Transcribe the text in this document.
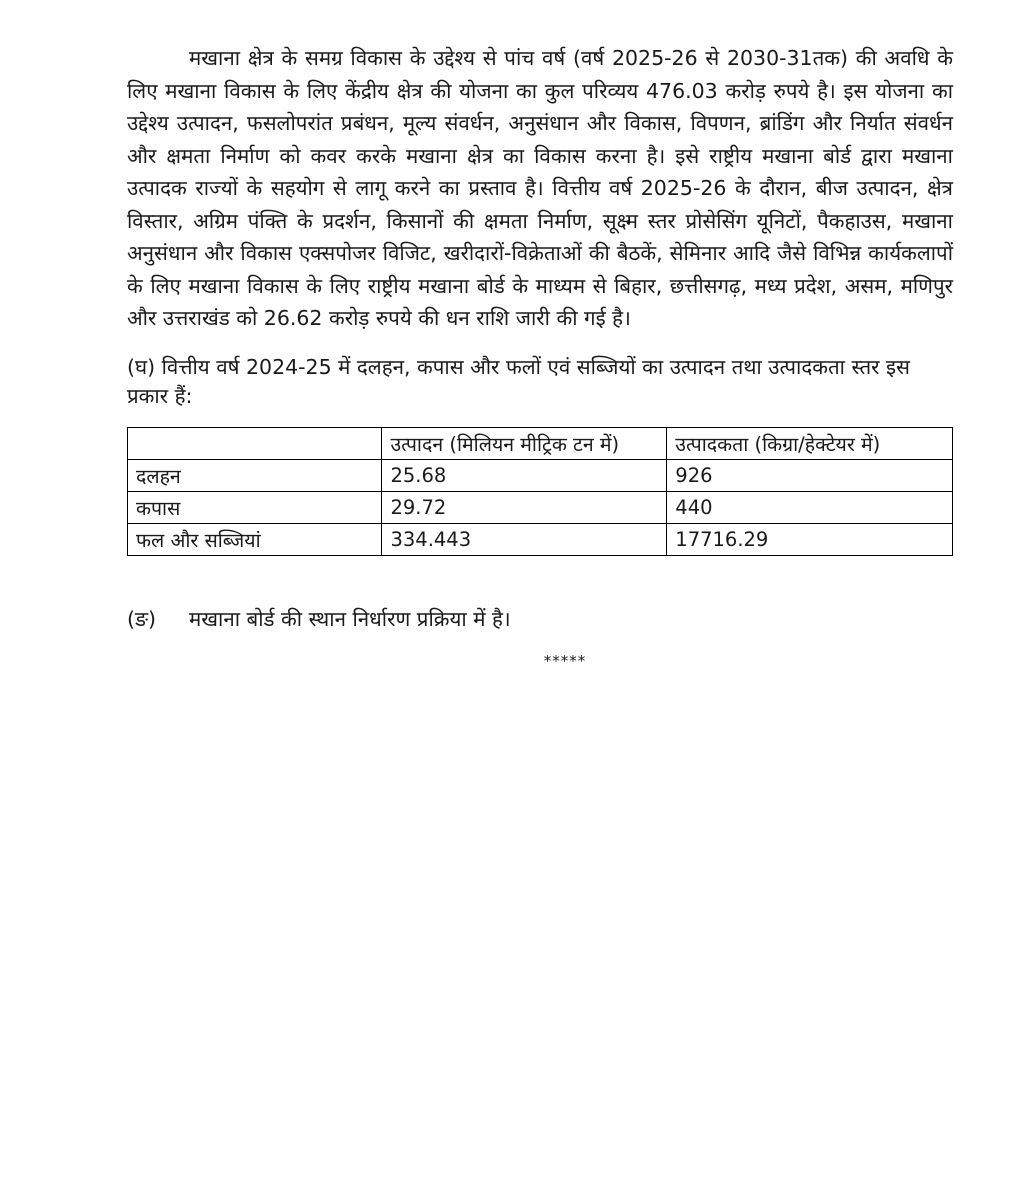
मखाना क्षेत्र के समग्र विकास के उद्देश्य से पांच वर्ष (वर्ष 2025-26 से 2030-31तक) की अवधि के लिए मखाना विकास के लिए केंद्रीय क्षेत्र की योजना का कुल परिव्यय 476.03 करोड़ रुपये है। इस योजना का उद्देश्य उत्पादन, फसलोपरांत प्रबंधन, मूल्य संवर्धन, अनुसंधान और विकास, विपणन, ब्रांडिंग और निर्यात संवर्धन और क्षमता निर्माण को कवर करके मखाना क्षेत्र का विकास करना है। इसे राष्ट्रीय मखाना बोर्ड द्वारा मखाना उत्पादक राज्यों के सहयोग से लागू करने का प्रस्ताव है। वित्तीय वर्ष 2025-26 के दौरान, बीज उत्पादन, क्षेत्र विस्तार, अग्रिम पंक्ति के प्रदर्शन, किसानों की क्षमता निर्माण, सूक्ष्म स्तर प्रोसेसिंग यूनिटों, पैकहाउस, मखाना अनुसंधान और विकास एक्सपोजर विजिट, खरीदारों-विक्रेताओं की बैठकें, सेमिनार आदि जैसे विभिन्न कार्यकलापों के लिए मखाना विकास के लिए राष्ट्रीय मखाना बोर्ड के माध्यम से बिहार, छत्तीसगढ़, मध्य प्रदेश, असम, मणिपुर और उत्तराखंड को 26.62 करोड़ रुपये की धन राशि जारी की गई है।

(घ) वित्तीय वर्ष 2024-25 में दलहन, कपास और फलों एवं सब्जियों का उत्पादन तथा उत्पादकता स्तर इस प्रकार हैं:

	उत्पादन (मिलियन मीट्रिक टन में)	उत्पादकता (किग्रा/हेक्टेयर में)
दलहन	25.68	926
कपास	29.72	440
फल और सब्जियां	334.443	17716.29
(ङ)	मखाना बोर्ड की स्थान निर्धारण प्रक्रिया में है।
*****
